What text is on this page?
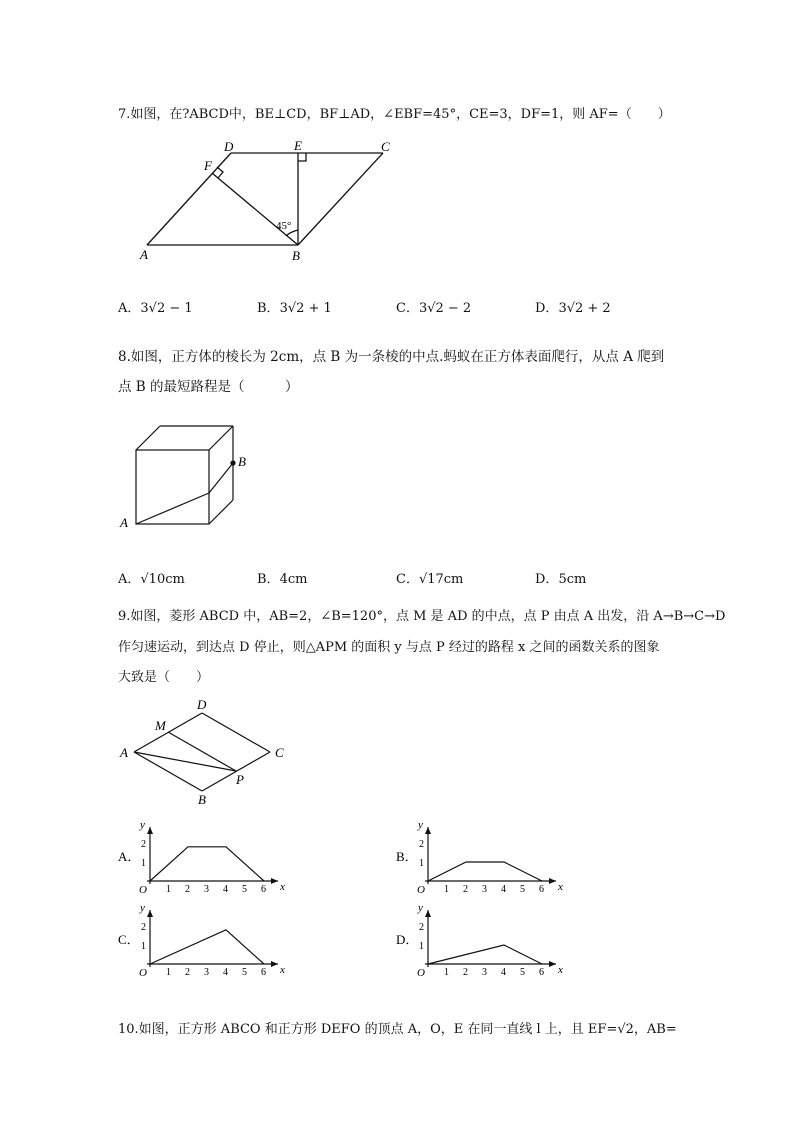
7.如图，在?ABCD中，BE⊥CD，BF⊥AD，∠EBF=45°，CE=3，DF=1，则 AF=（　　）
A	B
C
D	E
F
45°
A．3√2 − 1	B．3√2 + 1	C．3√2 − 2	D．3√2 + 2
8.如图，正方体的棱长为 2cm，点 B 为一条棱的中点.蚂蚁在正方体表面爬行，从点 A 爬到
点 B 的最短路程是（　　　）
A
B
A．√10cm	B．4cm	C．√17cm	D．5cm
9.如图，菱形 ABCD 中，AB=2，∠B=120°，点 M 是 AD 的中点，点 P 由点 A 出发，沿 A→B→C→D
作匀速运动，到达点 D 停止，则△APM 的面积 y 与点 P 经过的路程 x 之间的函数关系的图象
大致是（　　）
A
B
C
D
M
P
A．
1 2 3 4 5 6
1
2
O	x
y
B．
1 2 3 4 5 6
1
2
O	x
y
C．
1 2 3 4 5 6
1
2
O	x
y
D．
1 2 3 4 5 6
1
2
O	x
y
10.如图，正方形 ABCO 和正方形 DEFO 的顶点 A，O，E 在同一直线 l 上，且 EF=√2，AB=
